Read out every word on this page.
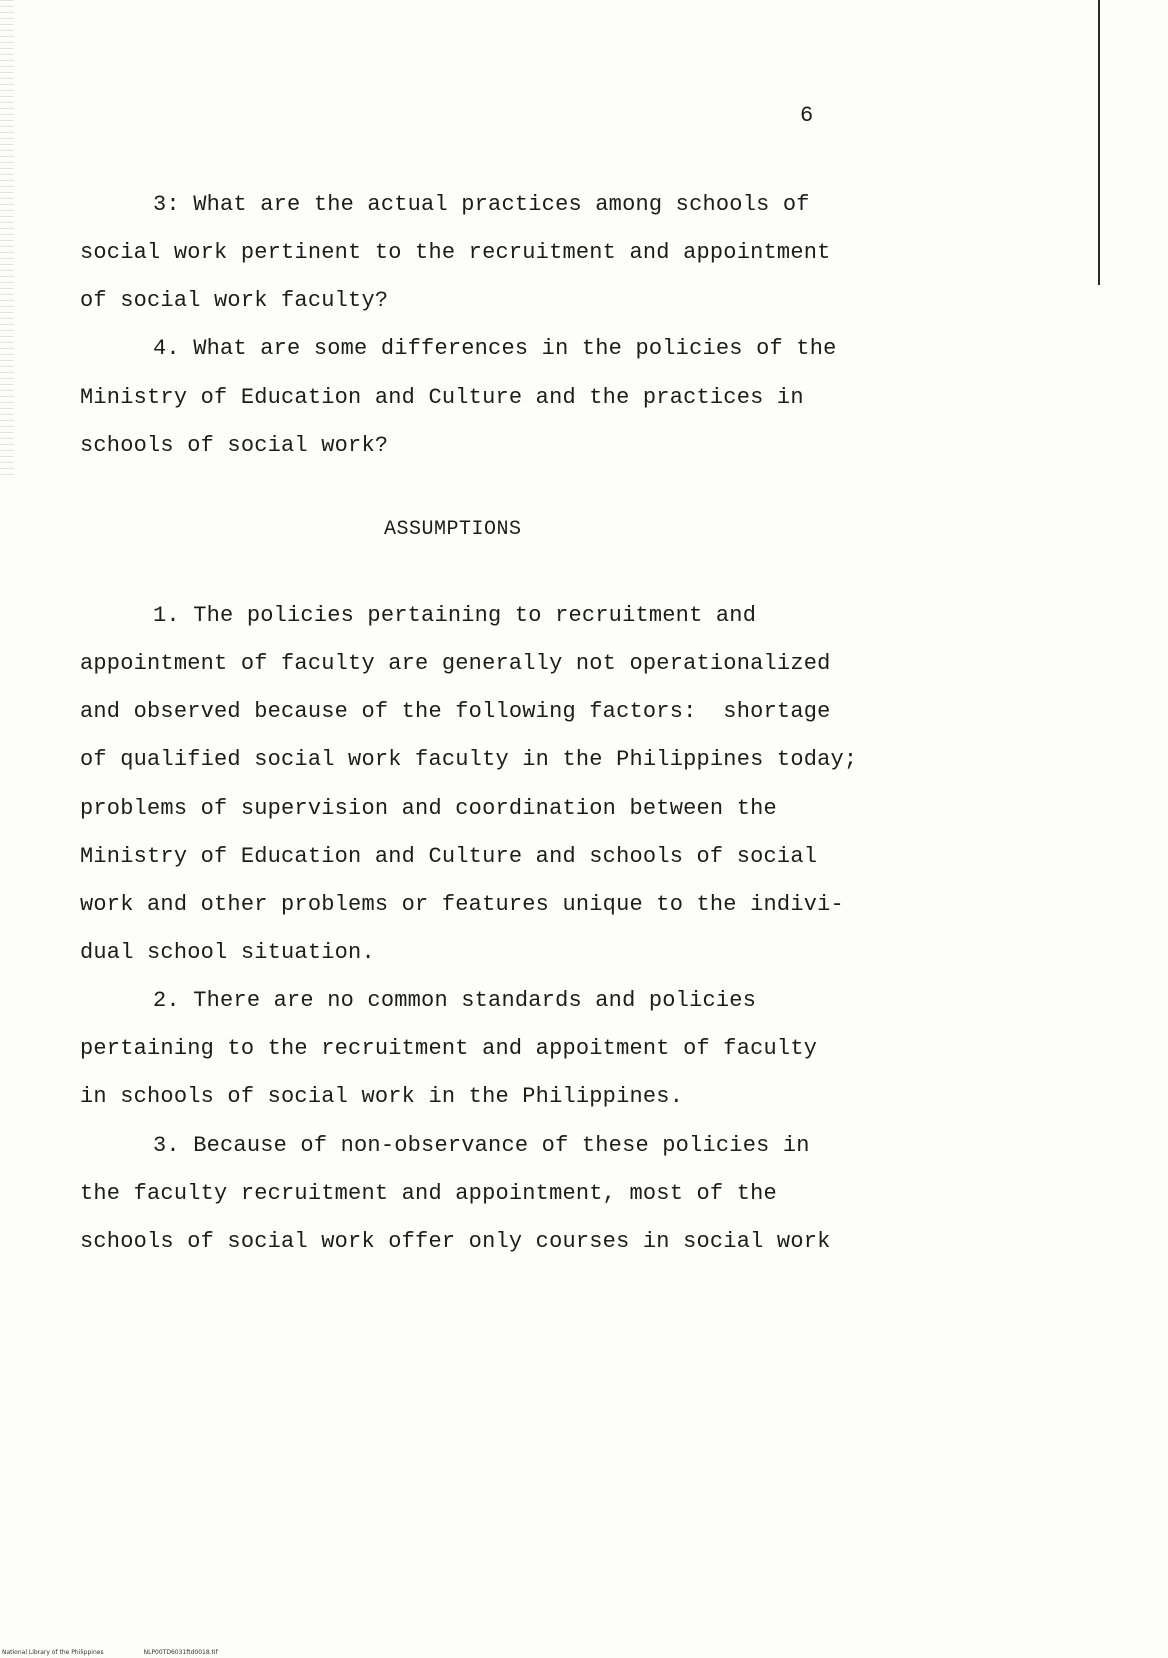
6
3: What are the actual practices among schools of
social work pertinent to the recruitment and appointment
of social work faculty?
4. What are some differences in the policies of the
Ministry of Education and Culture and the practices in
schools of social work?
ASSUMPTIONS
1. The policies pertaining to recruitment and
appointment of faculty are generally not operationalized
and observed because of the following factors:  shortage
of qualified social work faculty in the Philippines today;
problems of supervision and coordination between the
Ministry of Education and Culture and schools of social
work and other problems or features unique to the indivi-
dual school situation.
2. There are no common standards and policies
pertaining to the recruitment and appoitment of faculty
in schools of social work in the Philippines.
3. Because of non-observance of these policies in
the faculty recruitment and appointment, most of the
schools of social work offer only courses in social work
National Library of the Philippines	NLP00TD6031ftd0018.tif
